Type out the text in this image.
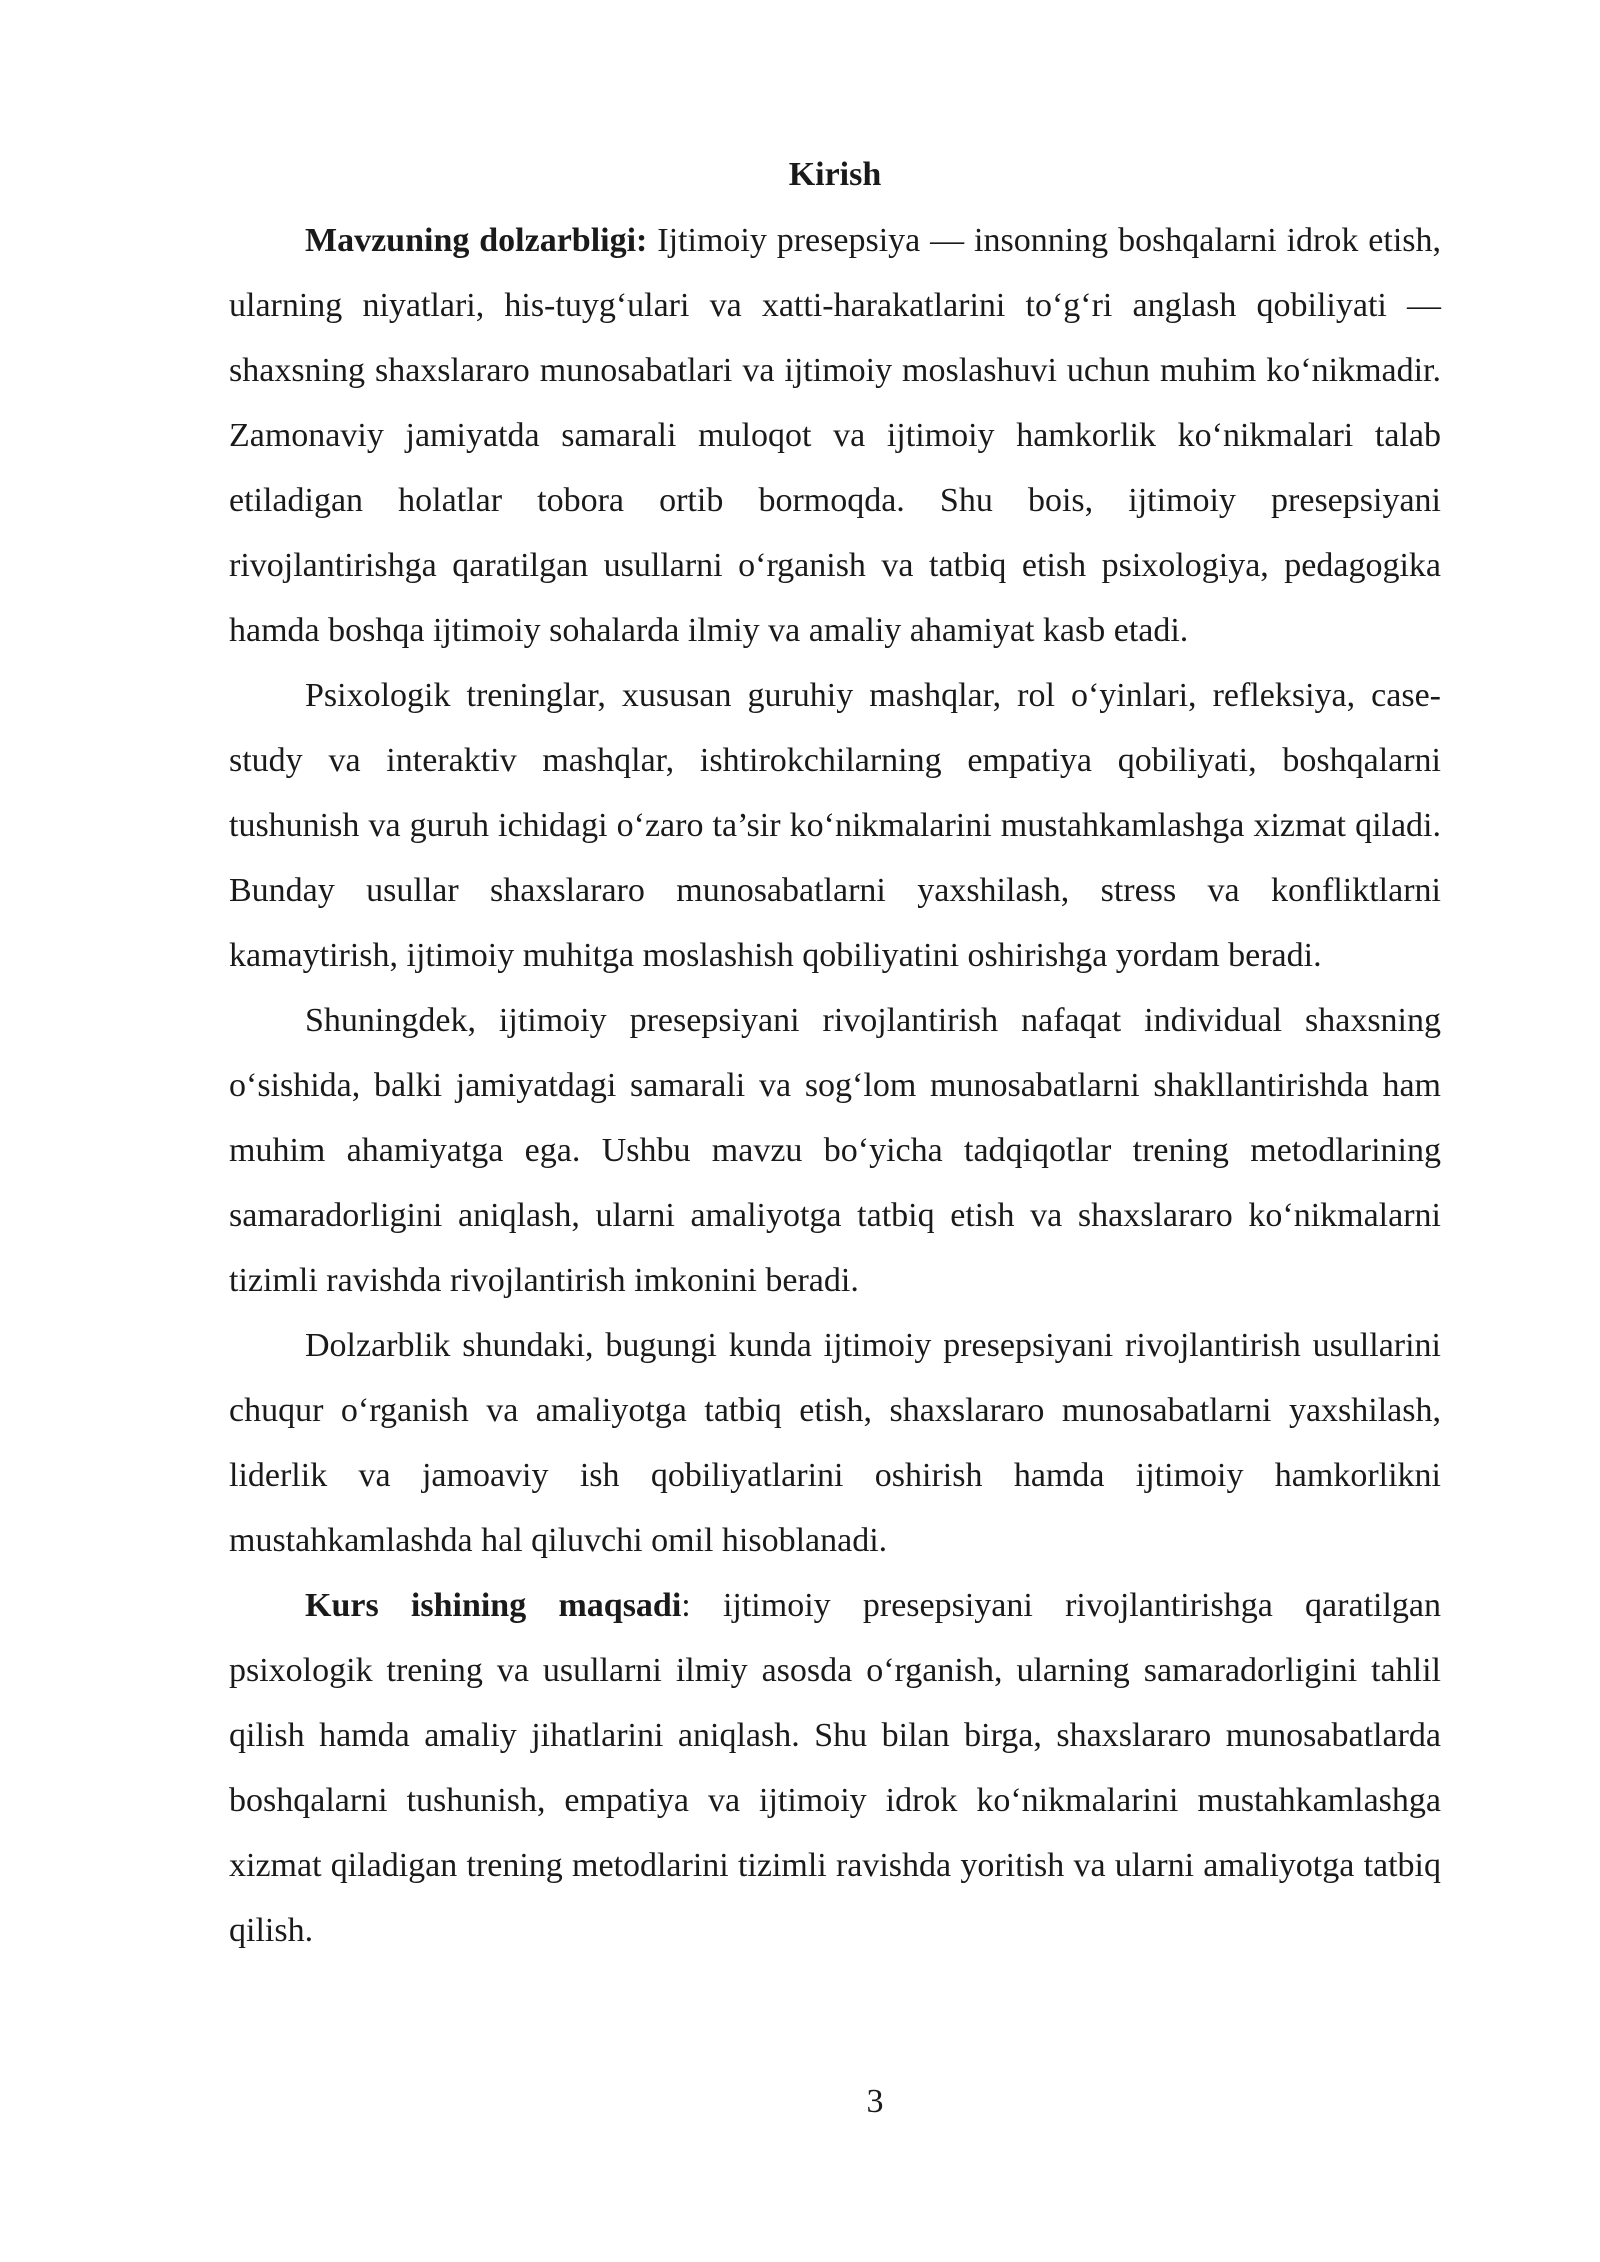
Kirish

Mavzuning dolzarbligi: Ijtimoiy presepsiya — insonning boshqalarni idrok etish, ularning niyatlari, his-tuyg‘ulari va xatti-harakatlarini to‘g‘ri anglash qobiliyati — shaxsning shaxslararo munosabatlari va ijtimoiy moslashuvi uchun muhim ko‘nikmadir. Zamonaviy jamiyatda samarali muloqot va ijtimoiy hamkorlik ko‘nikmalari talab etiladigan holatlar tobora ortib bormoqda. Shu bois, ijtimoiy presepsiyani rivojlantirishga qaratilgan usullarni o‘rganish va tatbiq etish psixologiya, pedagogika hamda boshqa ijtimoiy sohalarda ilmiy va amaliy ahamiyat kasb etadi.

Psixologik treninglar, xususan guruhiy mashqlar, rol o‘yinlari, refleksiya, case-study va interaktiv mashqlar, ishtirokchilarning empatiya qobiliyati, boshqalarni tushunish va guruh ichidagi o‘zaro ta’sir ko‘nikmalarini mustahkamlashga xizmat qiladi. Bunday usullar shaxslararo munosabatlarni yaxshilash, stress va konfliktlarni kamaytirish, ijtimoiy muhitga moslashish qobiliyatini oshirishga yordam beradi.

Shuningdek, ijtimoiy presepsiyani rivojlantirish nafaqat individual shaxsning o‘sishida, balki jamiyatdagi samarali va sog‘lom munosabatlarni shakllantirishda ham muhim ahamiyatga ega. Ushbu mavzu bo‘yicha tadqiqotlar trening metodlarining samaradorligini aniqlash, ularni amaliyotga tatbiq etish va shaxslararo ko‘nikmalarni tizimli ravishda rivojlantirish imkonini beradi.

Dolzarblik shundaki, bugungi kunda ijtimoiy presepsiyani rivojlantirish usullarini chuqur o‘rganish va amaliyotga tatbiq etish, shaxslararo munosabatlarni yaxshilash, liderlik va jamoaviy ish qobiliyatlarini oshirish hamda ijtimoiy hamkorlikni mustahkamlashda hal qiluvchi omil hisoblanadi.

Kurs ishining maqsadi: ijtimoiy presepsiyani rivojlantirishga qaratilgan psixologik trening va usullarni ilmiy asosda o‘rganish, ularning samaradorligini tahlil qilish hamda amaliy jihatlarini aniqlash. Shu bilan birga, shaxslararo munosabatlarda boshqalarni tushunish, empatiya va ijtimoiy idrok ko‘nikmalarini mustahkamlashga xizmat qiladigan trening metodlarini tizimli ravishda yoritish va ularni amaliyotga tatbiq qilish.

3
